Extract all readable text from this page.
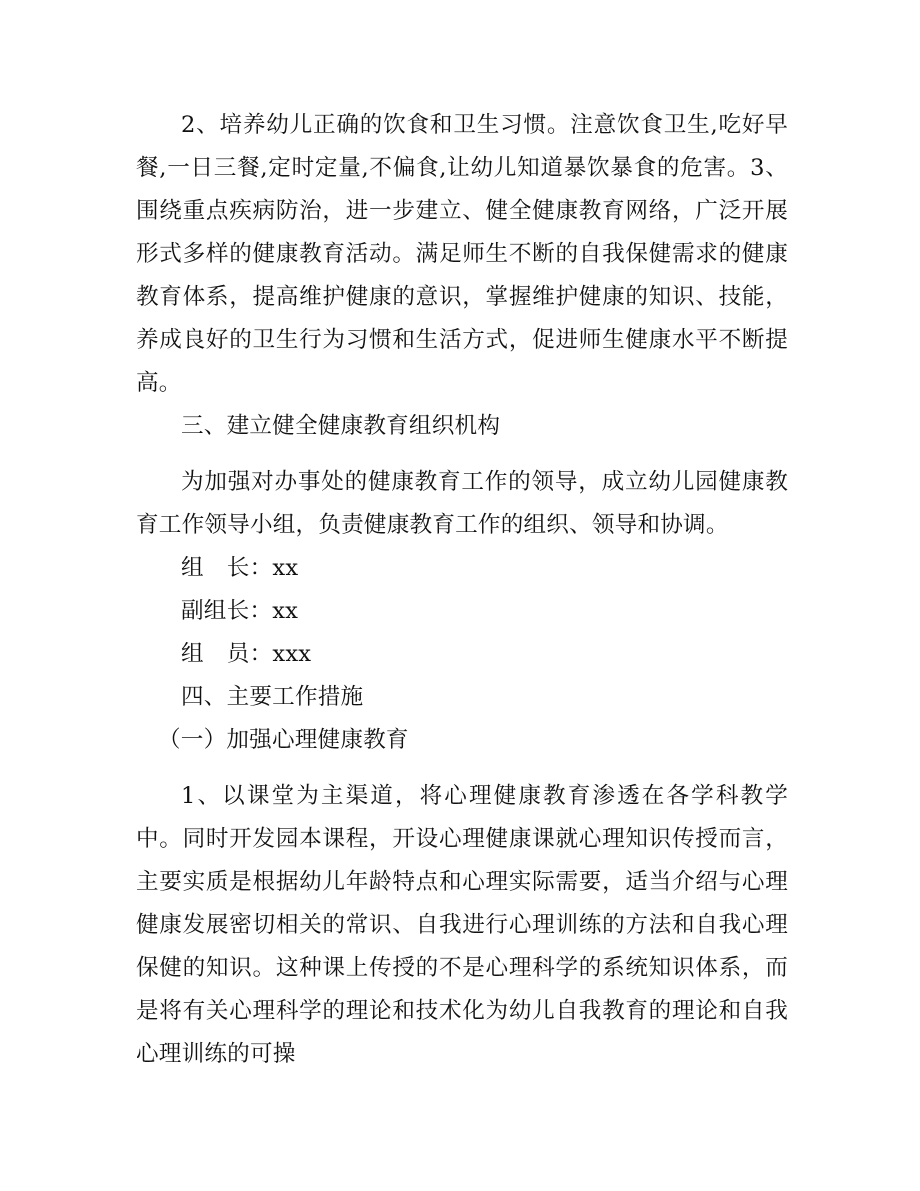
2、培养幼儿正确的饮食和卫生习惯。注意饮食卫生,吃好早餐,一日三餐,定时定量,不偏食,让幼儿知道暴饮暴食的危害。3、围绕重点疾病防治，进一步建立、健全健康教育网络，广泛开展形式多样的健康教育活动。满足师生不断的自我保健需求的健康教育体系，提高维护健康的意识，掌握维护健康的知识、技能，养成良好的卫生行为习惯和生活方式，促进师生健康水平不断提高。

三、建立健全健康教育组织机构

为加强对办事处的健康教育工作的领导，成立幼儿园健康教育工作领导小组，负责健康教育工作的组织、领导和协调。

组 长：xx

副组长：xx

组 员：xxx

四、主要工作措施

（一）加强心理健康教育

1、以课堂为主渠道，将心理健康教育渗透在各学科教学中。同时开发园本课程，开设心理健康课就心理知识传授而言，主要实质是根据幼儿年龄特点和心理实际需要，适当介绍与心理健康发展密切相关的常识、自我进行心理训练的方法和自我心理保健的知识。这种课上传授的不是心理科学的系统知识体系，而是将有关心理科学的理论和技术化为幼儿自我教育的理论和自我心理训练的可操
